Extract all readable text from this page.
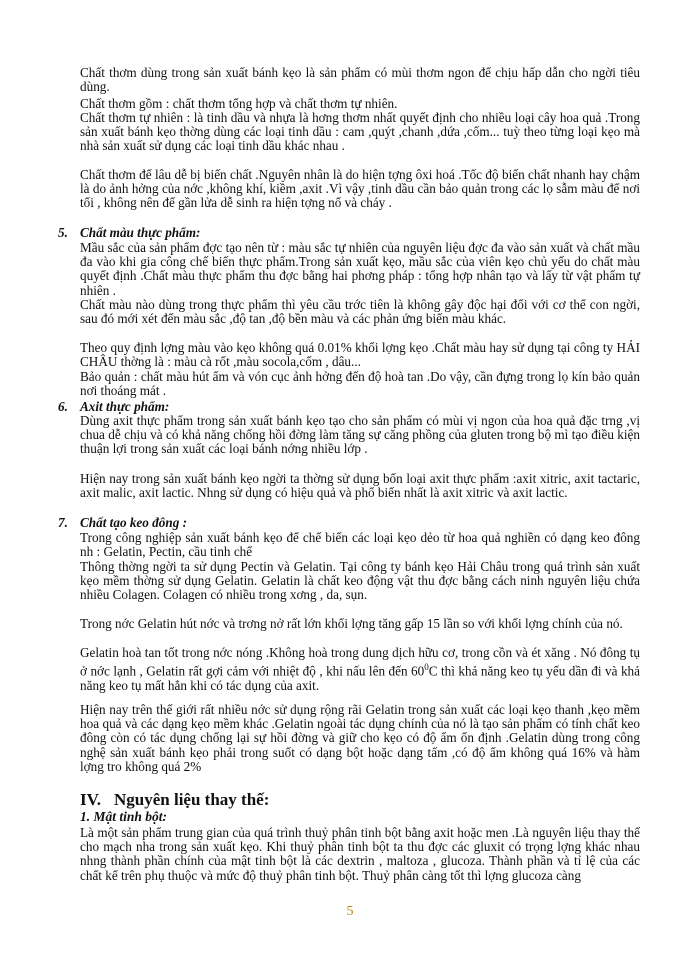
Chất thơm dùng trong sản xuất bánh kẹo là sản phẩm có mùi thơm ngon để chịu hấp dẫn cho ngời tiêu dùng.

Chất thơm gồm : chất thơm tổng hợp và chất thơm tự nhiên.

Chất thơm tự nhiên : là tinh dầu và nhựa là hơng thơm nhất quyết định cho nhiều loại cây hoa quả .Trong sản xuất bánh kẹo thờng dùng các loại tinh dầu : cam ,quýt ,chanh ,dứa ,cốm... tuỳ theo từng loại kẹo mà nhà sản xuất sử dụng các loại tinh dầu khác nhau .

Chất thơm để lâu dễ bị biến chất .Nguyên nhân là do hiện tợng ôxi hoá .Tốc độ biến chất nhanh hay chậm là do ảnh hởng của nớc ,không khí, kiềm ,axit .Vì vậy ,tinh dầu cần bảo quản trong các lọ sẫm màu để nơi tối , không nên để gần lửa dễ sinh ra hiện tợng nổ và cháy .

5. Chất màu thực phẩm:

Mầu sắc của sản phẩm đợc tạo nên từ : màu sắc tự nhiên của nguyên liệu đợc đa vào sản xuất và chất mầu đa vào khi gia công chế biến thực phẩm.Trong sản xuất kẹo, mầu sắc của viên kẹo chủ yếu do chất màu quyết định .Chất màu thực phẩm thu đợc bằng hai phơng pháp : tổng hợp nhân tạo và lấy từ vật phẩm tự nhiên .

Chất màu nào dùng trong thực phẩm thì yêu cầu trớc tiên là không gây độc hại đối với cơ thể con ngời, sau đó mới xét đến màu sắc ,độ tan ,độ bền màu và các phản ứng biến màu khác.

Theo quy định lợng màu vào kẹo không quá 0.01% khối lợng kẹo .Chất màu hay sử dụng tại công ty HẢI CHÂU thờng là : màu cà rốt ,màu socola,cốm , dâu...

Bảo quản : chất màu hút ẩm và vón cục ảnh hởng đến độ hoà tan .Do vậy, cần đựng trong lọ kín bảo quản nơi thoáng mát .

6. Axit thực phẩm:

Dùng axit thực phẩm trong sản xuất bánh kẹo tạo cho sản phẩm có mùi vị ngon của hoa quả đặc trng ,vị chua dễ chịu và có khả năng chống hồi đờng làm tăng sự căng phồng của gluten trong bộ mì tạo điều kiện thuận lợi trong sản xuất các loại bánh nớng nhiều lớp .

Hiện nay trong sản xuất bánh kẹo ngời ta thờng sử dụng bốn loại axit thực phẩm :axit xitric, axit tactaric, axit malic, axit lactic. Nhng sử dụng có hiệu quả và phổ biến nhất là axit xitric và axit lactic.

7. Chất tạo keo đông :

Trong công nghiệp sản xuất bánh kẹo để chế biến các loại kẹo dẻo từ hoa quả nghiền có dạng keo đông nh : Gelatin, Pectin, cầu tinh chế

Thông thờng ngời ta sử dụng Pectin và Gelatin. Tại công ty bánh kẹo Hải Châu trong quá trình sản xuất kẹo mềm thờng sử dụng Gelatin. Gelatin là chất keo động vật thu đợc bằng cách ninh nguyên liệu chứa nhiều Colagen. Colagen có nhiều trong xơng , da, sụn.

Trong nớc Gelatin hút nớc và trơng nở rất lớn khối lợng tăng gấp 15 lần so với khối lợng chính của nó.

Gelatin hoà tan tốt trong nớc nóng .Không hoà trong dung dịch hữu cơ, trong cồn và ét xăng . Nó đông tụ ở nớc lạnh , Gelatin rất gợi cảm với nhiệt độ , khi nấu lên đến $60^0C$ thì khả năng keo tụ yếu dần đi và khả năng keo tụ mất hẳn khi có tác dụng của axit.

Hiện nay trên thế giới rất nhiều nớc sử dụng rộng rãi Gelatin trong sản xuất các loại kẹo thanh ,kẹo mềm hoa quả và các dạng kẹo mềm khác .Gelatin ngoài tác dụng chính của nó là tạo sản phẩm có tính chất keo đông còn có tác dụng chống lại sự hồi đờng và giữ cho kẹo có độ ẩm ổn định .Gelatin dùng trong công nghệ sản xuất bánh kẹo phải trong suốt có dạng bột hoặc dạng tấm ,có độ ẩm không quá 16% và hàm lợng tro không quá 2%

IV. Nguyên liệu thay thế:

1. Mật tinh bột:

Là một sản phẩm trung gian của quá trình thuỷ phân tinh bột bằng axit hoặc men .Là nguyên liệu thay thế cho mạch nha trong sản xuất kẹo. Khi thuỷ phân tinh bột ta thu đợc các gluxit có trọng lợng khác nhau nhng thành phần chính của mật tinh bột là các dextrin , maltoza , glucoza. Thành phần và tỉ lệ của các chất kể trên phụ thuộc và mức độ thuỷ phân tinh bột. Thuỷ phân càng tốt thì lợng glucoza càng

5
